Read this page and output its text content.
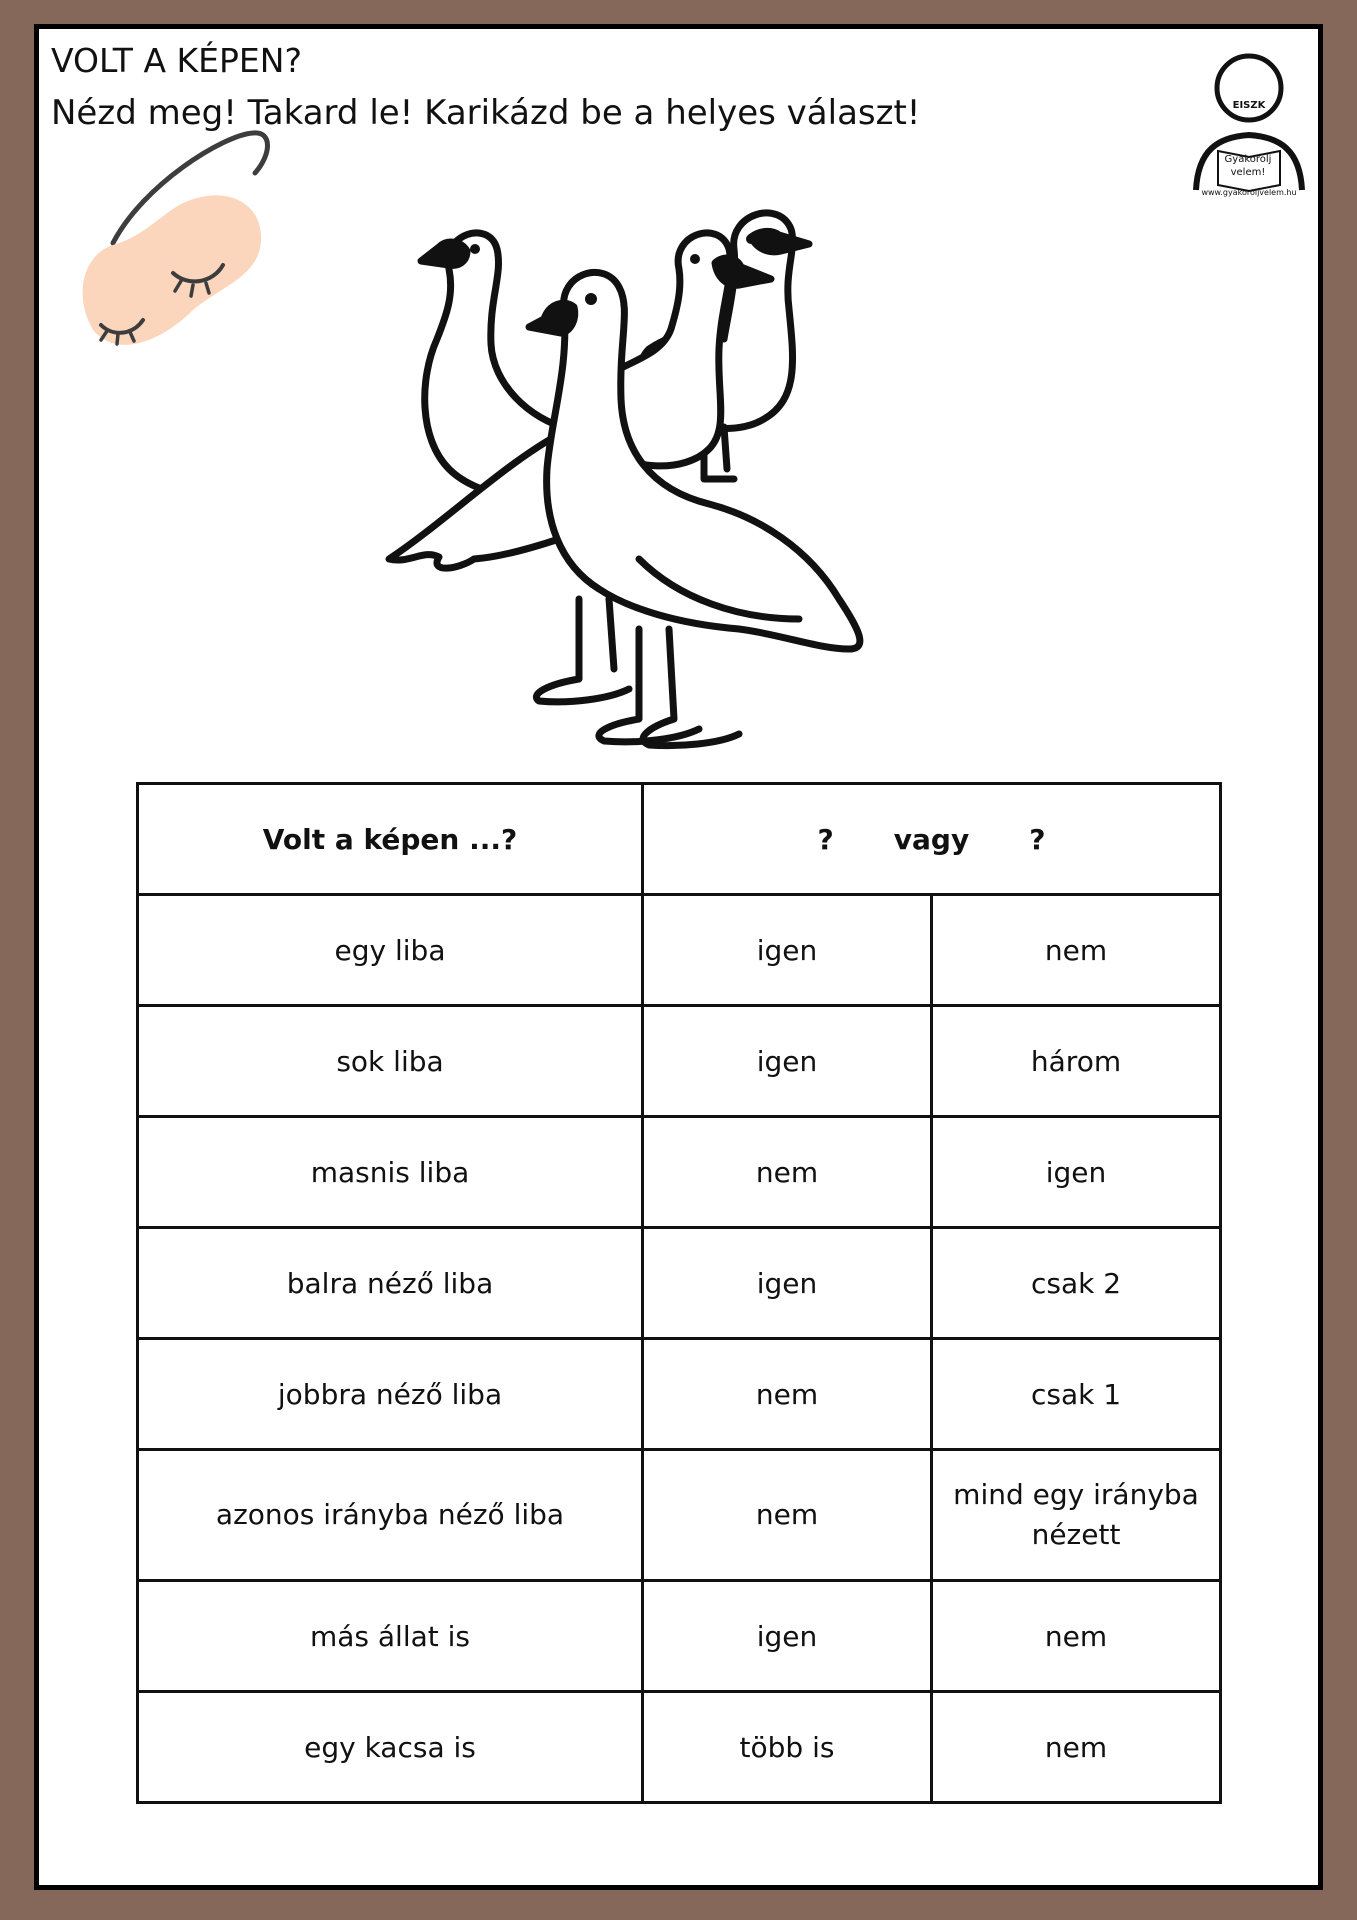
VOLT A KÉPEN?
Nézd meg! Takard le! Karikázd be a helyes választ!	EISZK
Gyakorolj
velem!
www.gyakoroljvelem.hu
Volt a képen ...?	? vagy ?	
egy liba	igen	nem
sok liba	igen	három
masnis liba	nem	igen
balra néző liba	igen	csak 2
jobbra néző liba	nem	csak 1
azonos irányba néző liba	nem	mind egy irányba nézett
más állat is	igen	nem
egy kacsa is	több is	nem
